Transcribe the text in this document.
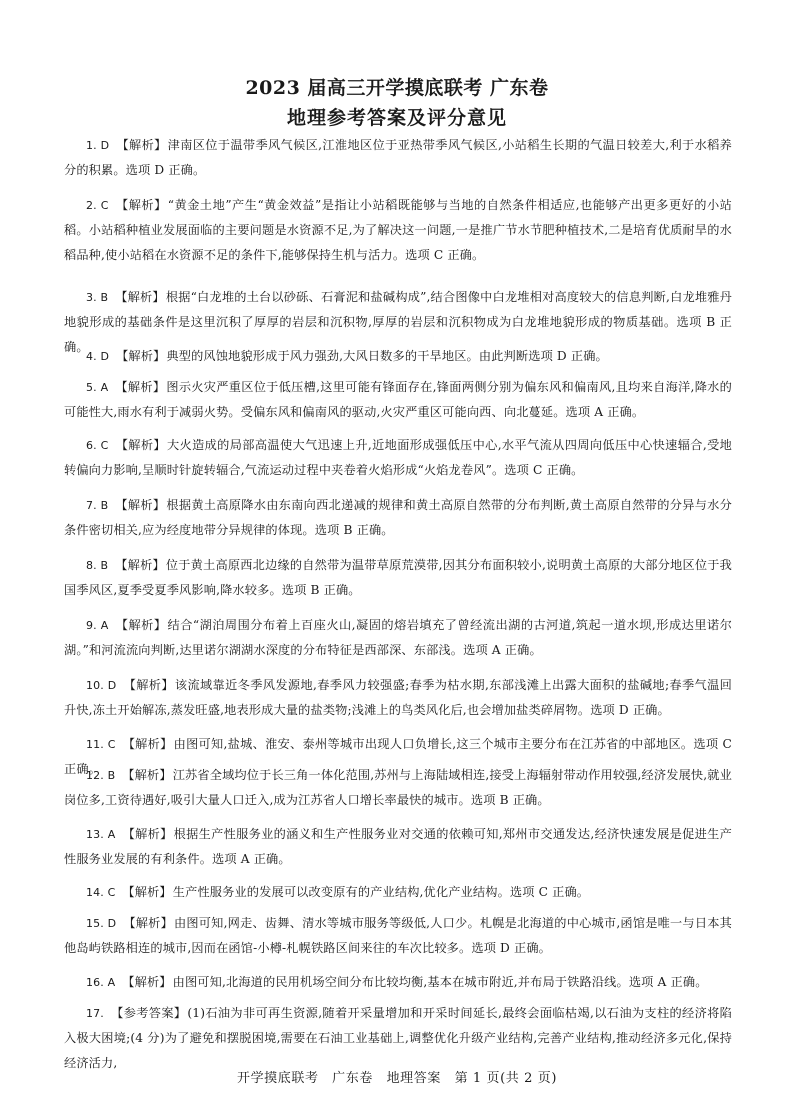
2023 届高三开学摸底联考 广东卷
地理参考答案及评分意见
1. D 【解析】津南区位于温带季风气候区,江淮地区位于亚热带季风气候区,小站稻生长期的气温日较差大,利于水稻养分的积累。选项 D 正确。
2. C 【解析】“黄金土地”产生“黄金效益”是指让小站稻既能够与当地的自然条件相适应,也能够产出更多更好的小站稻。小站稻种植业发展面临的主要问题是水资源不足,为了解决这一问题,一是推广节水节肥种植技术,二是培育优质耐旱的水稻品种,使小站稻在水资源不足的条件下,能够保持生机与活力。选项 C 正确。
3. B 【解析】根据“白龙堆的土台以砂砾、石膏泥和盐碱构成”,结合图像中白龙堆相对高度较大的信息判断,白龙堆雅丹地貌形成的基础条件是这里沉积了厚厚的岩层和沉积物,厚厚的岩层和沉积物成为白龙堆地貌形成的物质基础。选项 B 正确。
4. D 【解析】典型的风蚀地貌形成于风力强劲,大风日数多的干旱地区。由此判断选项 D 正确。
5. A 【解析】图示火灾严重区位于低压槽,这里可能有锋面存在,锋面两侧分别为偏东风和偏南风,且均来自海洋,降水的可能性大,雨水有利于减弱火势。受偏东风和偏南风的驱动,火灾严重区可能向西、向北蔓延。选项 A 正确。
6. C 【解析】大火造成的局部高温使大气迅速上升,近地面形成强低压中心,水平气流从四周向低压中心快速辐合,受地转偏向力影响,呈顺时针旋转辐合,气流运动过程中夹卷着火焰形成“火焰龙卷风”。选项 C 正确。
7. B 【解析】根据黄土高原降水由东南向西北递减的规律和黄土高原自然带的分布判断,黄土高原自然带的分异与水分条件密切相关,应为经度地带分异规律的体现。选项 B 正确。
8. B 【解析】位于黄土高原西北边缘的自然带为温带草原荒漠带,因其分布面积较小,说明黄土高原的大部分地区位于我国季风区,夏季受夏季风影响,降水较多。选项 B 正确。
9. A 【解析】结合“湖泊周围分布着上百座火山,凝固的熔岩填充了曾经流出湖的古河道,筑起一道水坝,形成达里诺尔湖。”和河流流向判断,达里诺尔湖湖水深度的分布特征是西部深、东部浅。选项 A 正确。
10. D 【解析】该流域靠近冬季风发源地,春季风力较强盛;春季为枯水期,东部浅滩上出露大面积的盐碱地;春季气温回升快,冻土开始解冻,蒸发旺盛,地表形成大量的盐类物;浅滩上的鸟类风化后,也会增加盐类碎屑物。选项 D 正确。
11. C 【解析】由图可知,盐城、淮安、泰州等城市出现人口负增长,这三个城市主要分布在江苏省的中部地区。选项 C 正确。
12. B 【解析】江苏省全域均位于长三角一体化范围,苏州与上海陆域相连,接受上海辐射带动作用较强,经济发展快,就业岗位多,工资待遇好,吸引大量人口迁入,成为江苏省人口增长率最快的城市。选项 B 正确。
13. A 【解析】根据生产性服务业的涵义和生产性服务业对交通的依赖可知,郑州市交通发达,经济快速发展是促进生产性服务业发展的有利条件。选项 A 正确。
14. C 【解析】生产性服务业的发展可以改变原有的产业结构,优化产业结构。选项 C 正确。
15. D 【解析】由图可知,网走、齿舞、清水等城市服务等级低,人口少。札幌是北海道的中心城市,函馆是唯一与日本其他岛屿铁路相连的城市,因而在函馆-小樽-札幌铁路区间来往的车次比较多。选项 D 正确。
16. A 【解析】由图可知,北海道的民用机场空间分布比较均衡,基本在城市附近,并布局于铁路沿线。选项 A 正确。
17. 【参考答案】(1)石油为非可再生资源,随着开采量增加和开采时间延长,最终会面临枯竭,以石油为支柱的经济将陷入极大困境;(4 分)为了避免和摆脱困境,需要在石油工业基础上,调整优化升级产业结构,完善产业结构,推动经济多元化,保持经济活力,
开学摸底联考　广东卷　地理答案　第 1 页(共 2 页)
